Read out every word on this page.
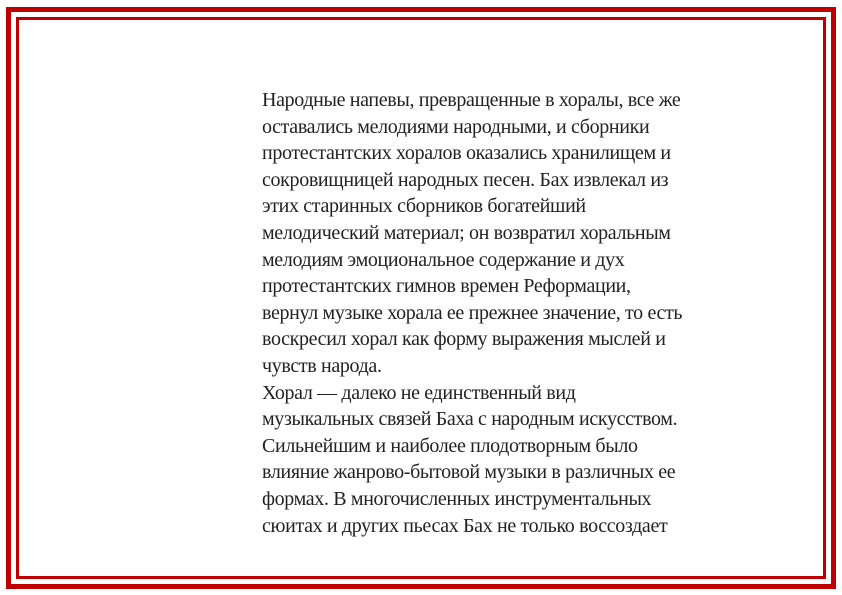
Народные напевы, превращенные в хоралы, все же
оставались мелодиями народными, и сборники
протестантских хоралов оказались хранилищем и
сокровищницей народных песен. Бах извлекал из
этих старинных сборников богатейший
мелодический материал; он возвратил хоральным
мелодиям эмоциональное содержание и дух
протестантских гимнов времен Реформации,
вернул музыке хорала ее прежнее значение, то есть
воскресил хорал как форму выражения мыслей и
чувств народа.
Хорал — далеко не единственный вид
музыкальных связей Баха с народным искусством.
Сильнейшим и наиболее плодотворным было
влияние жанрово-бытовой музыки в различных ее
формах. В многочисленных инструментальных
сюитах и других пьесах Бах не только воссоздает
